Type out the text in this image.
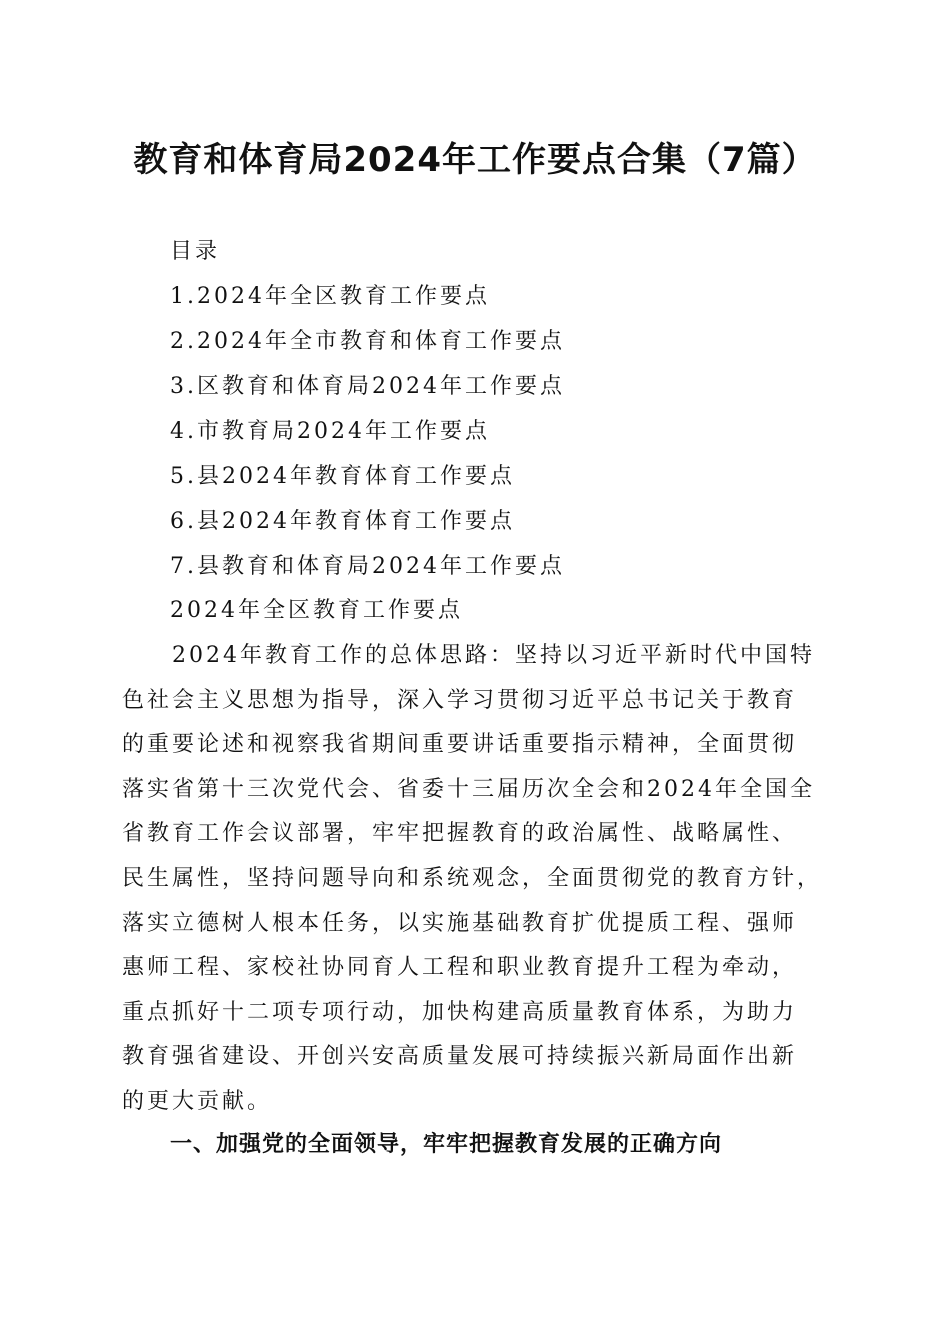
教育和体育局2024年工作要点合集（7篇）
目录
1.2024年全区教育工作要点
2.2024年全市教育和体育工作要点
3.区教育和体育局2024年工作要点
4.市教育局2024年工作要点
5.县2024年教育体育工作要点
6.县2024年教育体育工作要点
7.县教育和体育局2024年工作要点
2024年全区教育工作要点
　　2024年教育工作的总体思路：坚持以习近平新时代中国特
色社会主义思想为指导，深入学习贯彻习近平总书记关于教育
的重要论述和视察我省期间重要讲话重要指示精神，全面贯彻
落实省第十三次党代会、省委十三届历次全会和2024年全国全
省教育工作会议部署，牢牢把握教育的政治属性、战略属性、
民生属性，坚持问题导向和系统观念，全面贯彻党的教育方针，
落实立德树人根本任务，以实施基础教育扩优提质工程、强师
惠师工程、家校社协同育人工程和职业教育提升工程为牵动，
重点抓好十二项专项行动，加快构建高质量教育体系，为助力
教育强省建设、开创兴安高质量发展可持续振兴新局面作出新
的更大贡献。
一、加强党的全面领导，牢牢把握教育发展的正确方向
